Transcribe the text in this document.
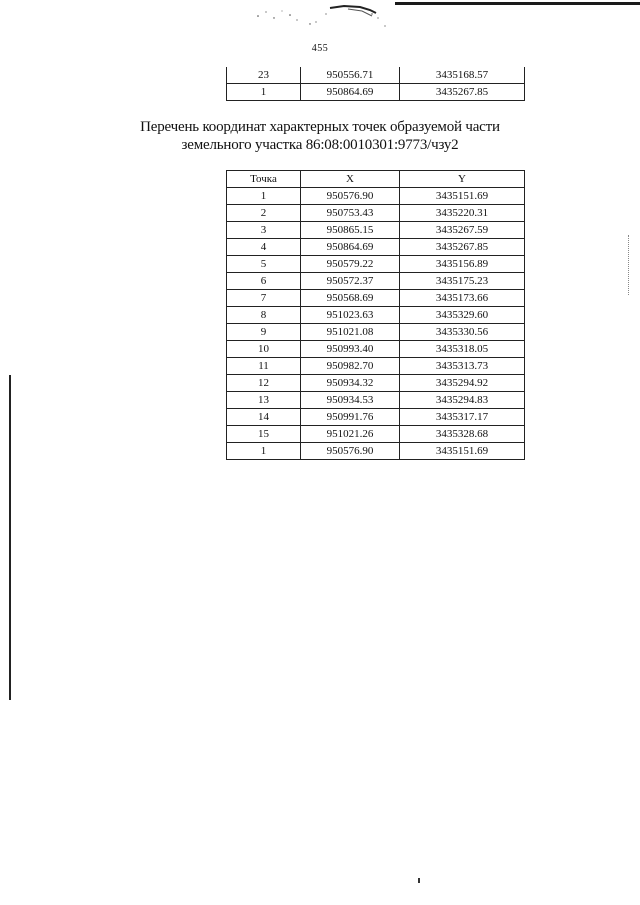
455
23	950556.71	3435168.57
1	950864.69	3435267.85
Перечень координат характерных точек образуемой части
земельного участка 86:08:0010301:9773/чзу2
Точка	X	Y
1	950576.90	3435151.69
2	950753.43	3435220.31
3	950865.15	3435267.59
4	950864.69	3435267.85
5	950579.22	3435156.89
6	950572.37	3435175.23
7	950568.69	3435173.66
8	951023.63	3435329.60
9	951021.08	3435330.56
10	950993.40	3435318.05
11	950982.70	3435313.73
12	950934.32	3435294.92
13	950934.53	3435294.83
14	950991.76	3435317.17
15	951021.26	3435328.68
1	950576.90	3435151.69
